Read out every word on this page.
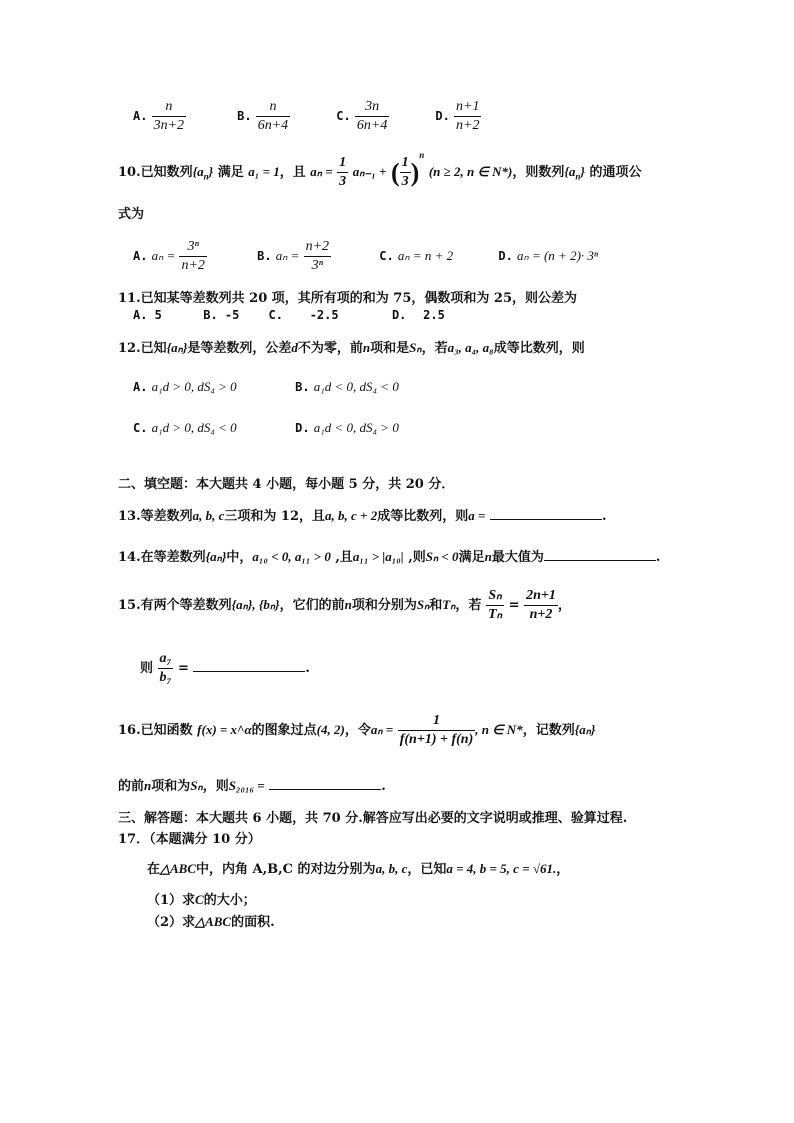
A. $\frac{n}{3n+2}$	B. $\frac{n}{6n+4}$	C. $\frac{3n}{6n+4}$	D. $\frac{n+1}{n+2}$
10.已知数列$\{a_n\}$ 满足 a₁ = 1，且 $a_n = \frac{1}{3} a_{n-1}$ + ( $\frac{1}{3} )^n$ (n ≥ 2, n ∈ N*)，则数列$\{a_n\}$ 的通项公
式为
A. $a_n = \frac{\text{3ⁿ}}{n+2}$	B. $a_n = \frac{n+2}{\text{3ⁿ}}$	C. aₙ = n + 2	D. aₙ = (n + 2)· 3ⁿ
11.已知某等差数列共 20 项，其所有项的和为 75，偶数项和为 25，则公差为
A. 5	B. -5 C. -2.5	D. 2.5
12.已知{aₙ}是等差数列，公差d不为零，前n项和是Sₙ，若a₃, a₄, a₈成等比数列，则
A. a₁d > 0, dS₄ > 0	B. a₁d < 0, dS₄ < 0
C. a₁d > 0, dS₄ < 0	D. a₁d < 0, dS₄ > 0
二、填空题：本大题共 4 小题，每小题 5 分，共 20 分．
13.等差数列a, b, c三项和为 12，且a, b, c + 2成等比数列，则a =	.
14.在等差数列{aₙ}中，a₁₀ < 0, a₁₁ > 0 ,且a₁₁ > |a₁₀| ,则Sₙ < 0满足n最大值为	.
15.有两个等差数列{aₙ}, {bₙ}，它们的前n项和分别为Sₙ和Tₙ，若 $\frac{\text{Sₙ}}{\text{Tₙ}} = \frac{2n+1}{n+2}$ ，
则 $\frac{\text{a₇}}{\text{b₇}}$ =	.
16.已知函数 f(x) = x^α的图象过点(4, 2)，令$a_n = \frac{1}{f(n+1) + f(n)}$ , n ∈ N*，记数列{aₙ}
的前n项和为Sₙ，则S₂₀₁₆ =	.
三、解答题：本大题共 6 小题，共 70 分.解答应写出必要的文字说明或推理、验算过程.
17．（本题满分 10 分）
在△ABC中，内角 A,B,C 的对边分别为a, b, c，已知a = 4, b = 5, c = √61.，
（1）求C的大小；
（2）求△ABC的面积.
